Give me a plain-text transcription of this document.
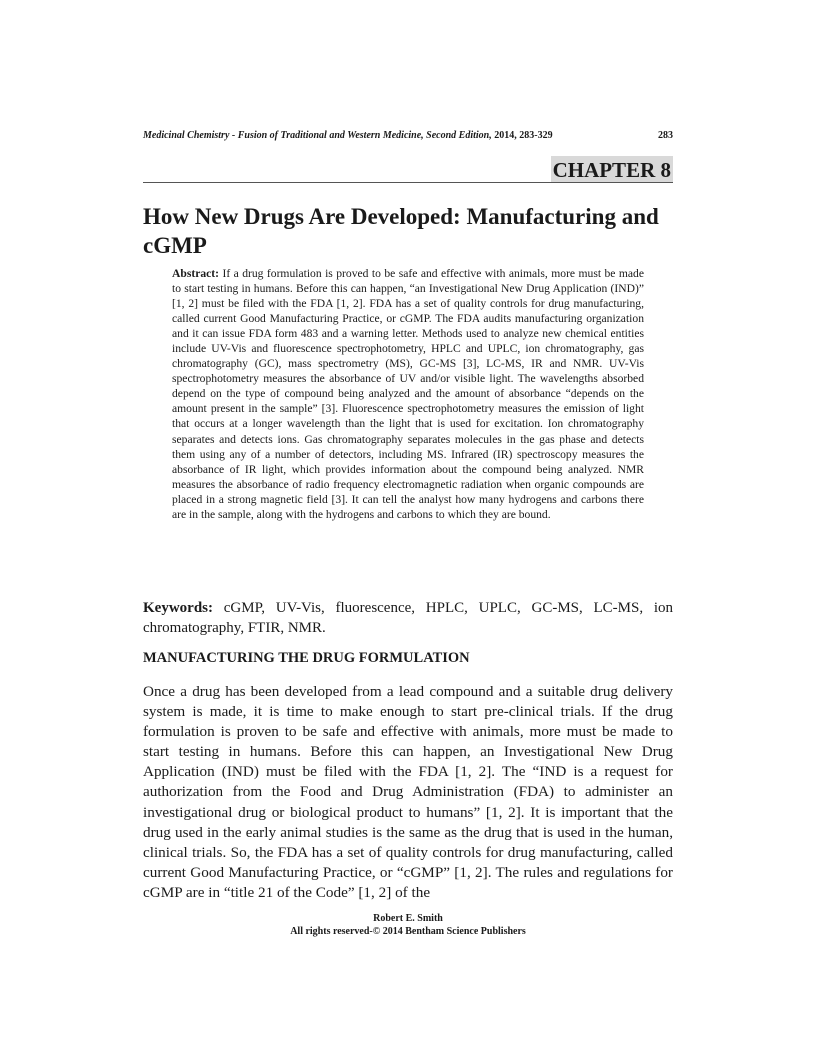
Medicinal Chemistry - Fusion of Traditional and Western Medicine, Second Edition, 2014, 283-329	283
CHAPTER 8
How New Drugs Are Developed: Manufacturing and cGMP

Abstract: If a drug formulation is proved to be safe and effective with animals, more must be made to start testing in humans. Before this can happen, “an Investigational New Drug Application (IND)” [1, 2] must be filed with the FDA [1, 2]. FDA has a set of quality controls for drug manufacturing, called current Good Manufacturing Practice, or cGMP. The FDA audits manufacturing organization and it can issue FDA form 483 and a warning letter. Methods used to analyze new chemical entities include UV-Vis and fluorescence spectrophotometry, HPLC and UPLC, ion chromatography, gas chromatography (GC), mass spectrometry (MS), GC-MS [3], LC-MS, IR and NMR. UV-Vis spectrophotometry measures the absorbance of UV and/or visible light. The wavelengths absorbed depend on the type of compound being analyzed and the amount of absorbance “depends on the amount present in the sample” [3]. Fluorescence spectrophotometry measures the emission of light that occurs at a longer wavelength than the light that is used for excitation. Ion chromatography separates and detects ions. Gas chromatography separates molecules in the gas phase and detects them using any of a number of detectors, including MS. Infrared (IR) spectroscopy measures the absorbance of IR light, which provides information about the compound being analyzed. NMR measures the absorbance of radio frequency electromagnetic radiation when organic compounds are placed in a strong magnetic field [3]. It can tell the analyst how many hydrogens and carbons there are in the sample, along with the hydrogens and carbons to which they are bound.

Keywords: cGMP, UV-Vis, fluorescence, HPLC, UPLC, GC-MS, LC-MS, ion chromatography, FTIR, NMR.

MANUFACTURING THE DRUG FORMULATION

Once a drug has been developed from a lead compound and a suitable drug delivery system is made, it is time to make enough to start pre-clinical trials. If the drug formulation is proven to be safe and effective with animals, more must be made to start testing in humans. Before this can happen, an Investigational New Drug Application (IND) must be filed with the FDA [1, 2]. The “IND is a request for authorization from the Food and Drug Administration (FDA) to administer an investigational drug or biological product to humans” [1, 2]. It is important that the drug used in the early animal studies is the same as the drug that is used in the human, clinical trials. So, the FDA has a set of quality controls for drug manufacturing, called current Good Manufacturing Practice, or “cGMP” [1, 2]. The rules and regulations for cGMP are in “title 21 of the Code” [1, 2] of the

Robert E. Smith
All rights reserved-© 2014 Bentham Science Publishers
